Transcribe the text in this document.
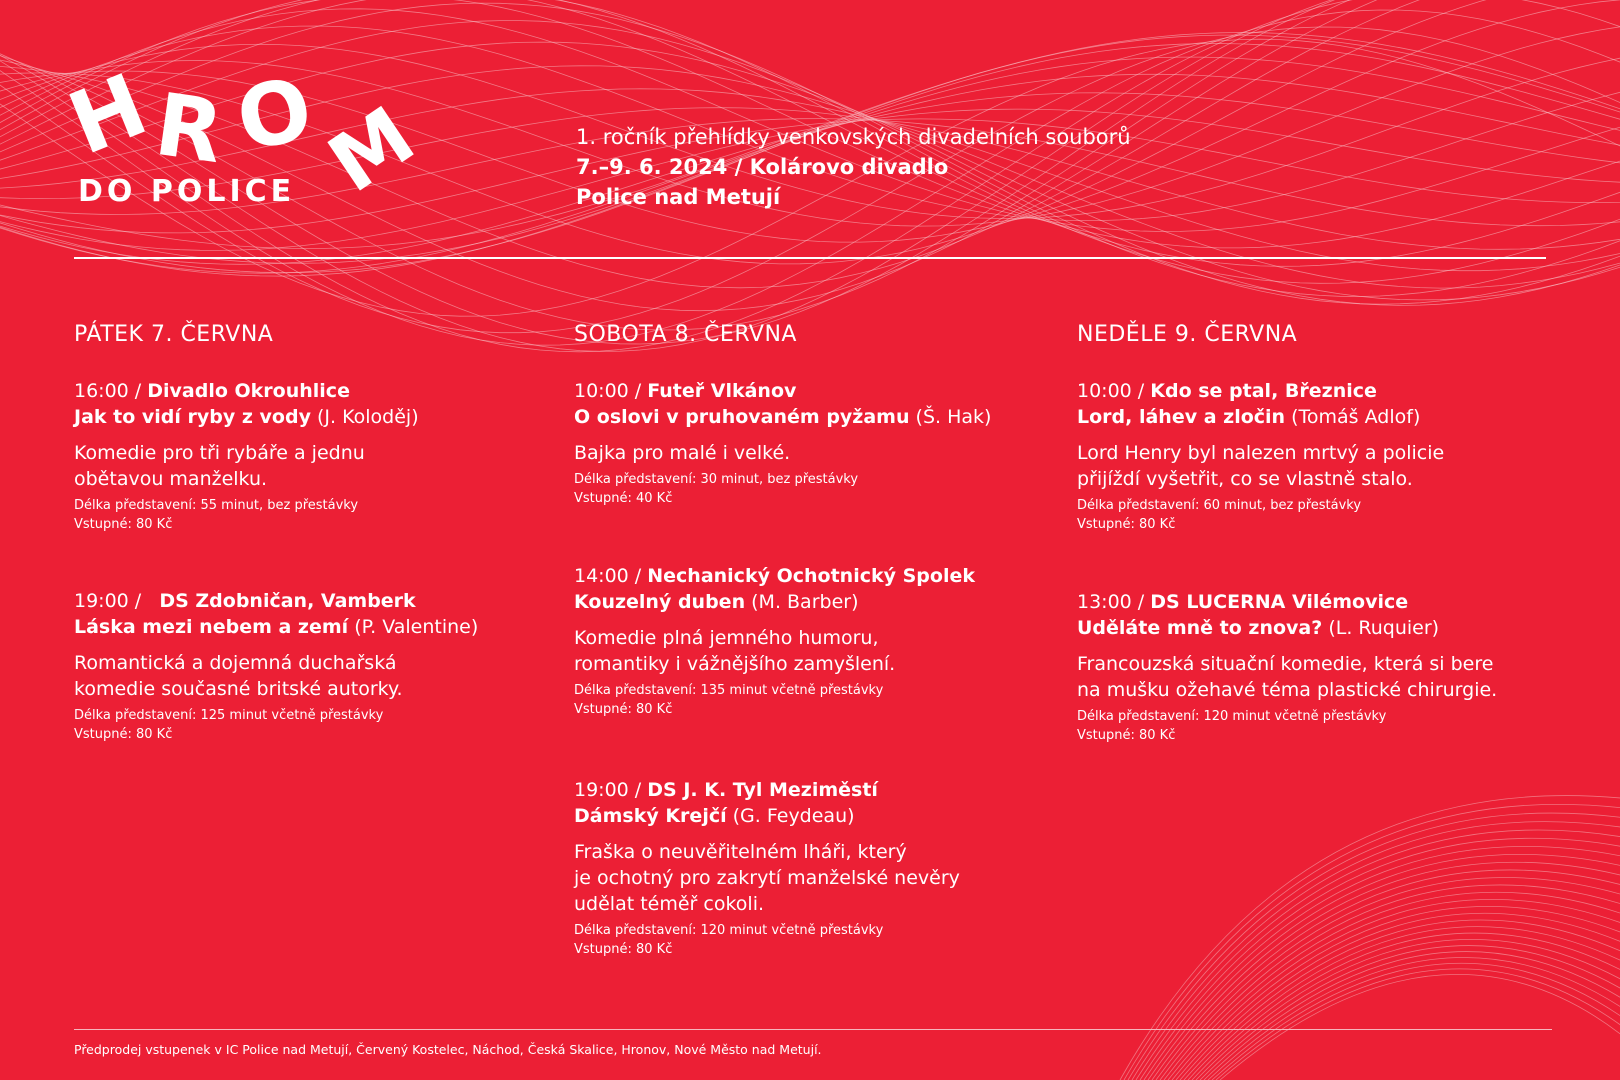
H
R O
M
DO POLICE
1. ročník přehlídky venkovských divadelních souborů
7.–9. 6. 2024 / Kolárovo divadlo
Police nad Metují
PÁTEK 7. ČERVNA
16:00 / Divadlo Okrouhlice
Jak to vidí ryby z vody (J. Koloděj)
Komedie pro tři rybáře a jednu
obětavou manželku.
Délka představení: 55 minut, bez přestávky
Vstupné: 80 Kč
19:00 /   DS Zdobničan, Vamberk
Láska mezi nebem a zemí (P. Valentine)
Romantická a dojemná duchařská
komedie současné britské autorky.
Délka představení: 125 minut včetně přestávky
Vstupné: 80 Kč
SOBOTA 8. ČERVNA
10:00 / Futeř Vlkánov
O oslovi v pruhovaném pyžamu (Š. Hak)
Bajka pro malé i velké.
Délka představení: 30 minut, bez přestávky
Vstupné: 40 Kč
14:00 / Nechanický Ochotnický Spolek
Kouzelný duben (M. Barber)
Komedie plná jemného humoru,
romantiky i vážnějšího zamyšlení.
Délka představení: 135 minut včetně přestávky
Vstupné: 80 Kč
19:00 / DS J. K. Tyl Meziměstí
Dámský Krejčí (G. Feydeau)
Fraška o neuvěřitelném lháři, který
je ochotný pro zakrytí manželské nevěry
udělat téměř cokoli.
Délka představení: 120 minut včetně přestávky
Vstupné: 80 Kč
NEDĚLE 9. ČERVNA
10:00 / Kdo se ptal, Březnice
Lord, láhev a zločin (Tomáš Adlof)
Lord Henry byl nalezen mrtvý a policie
přijíždí vyšetřit, co se vlastně stalo.
Délka představení: 60 minut, bez přestávky
Vstupné: 80 Kč
13:00 / DS LUCERNA Vilémovice
Uděláte mně to znova? (L. Ruquier)
Francouzská situační komedie, která si bere
na mušku ožehavé téma plastické chirurgie.
Délka představení: 120 minut včetně přestávky
Vstupné: 80 Kč
Předprodej vstupenek v IC Police nad Metují, Červený Kostelec, Náchod, Česká Skalice, Hronov, Nové Město nad Metují.
